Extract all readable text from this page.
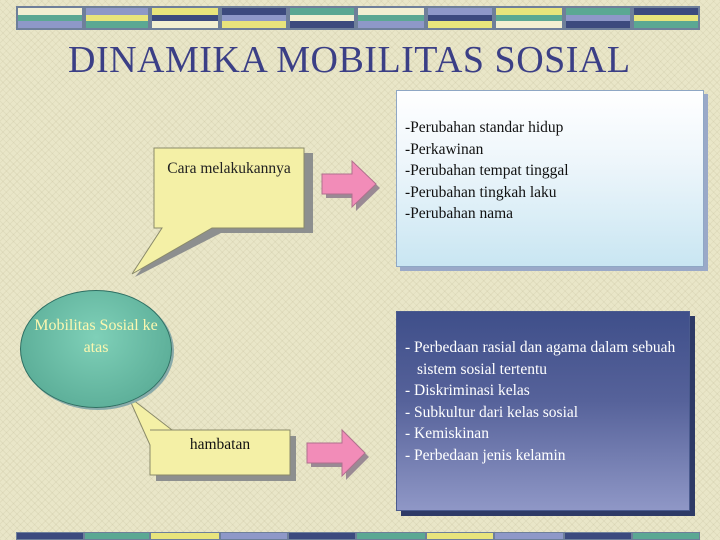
DINAMIKA MOBILITAS SOSIAL
Cara melakukannya
hambatan
Mobilitas Sosial ke atas
-Perubahan standar hidup
-Perkawinan
-Perubahan tempat tinggal
-Perubahan tingkah laku
-Perubahan nama
- Perbedaan rasial dan agama dalam sebuah sistem sosial tertentu
- Diskriminasi kelas
- Subkultur dari kelas sosial
- Kemiskinan
- Perbedaan jenis kelamin
